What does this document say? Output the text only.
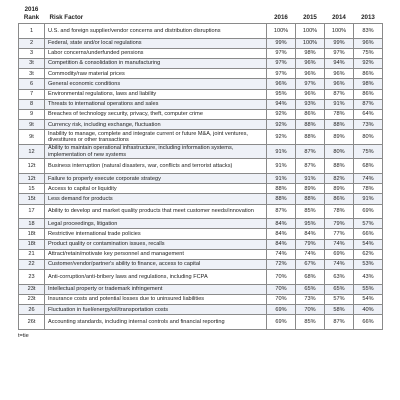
2016 Rank	Risk Factor	2016	2015	2014	2013
1	U.S. and foreign supplier/vendor concerns and distribution disruptions	100%	100%	100%	83%
2	Federal, state and/or local regulations	99%	100%	99%	96%
3	Labor concerns/underfunded pensions	97%	98%	97%	75%
3t	Competition & consolidation in manufacturing	97%	96%	94%	92%
3t	Commodity/raw material prices	97%	96%	96%	86%
6	General economic conditions	96%	97%	96%	98%
7	Environmental regulations, laws and liability	95%	96%	87%	86%
8	Threats to international operations and sales	94%	93%	91%	87%
9	Breaches of technology security, privacy, theft, computer crime	92%	86%	78%	64%
9t	Currency risk, including exchange, fluctuation	92%	88%	88%	73%
9t	Inability to manage, complete and integrate current or future M&A, joint ventures, divestitures or other transactions	92%	88%	89%	80%
12	Ability to maintain operational infrastructure, including information systems, implementation of new systems	91%	87%	80%	75%
12t	Business interruption (natural disasters, war, conflicts and terrorist attacks)	91%	87%	88%	68%
12t	Failure to properly execute corporate strategy	91%	91%	82%	74%
15	Access to capital or liquidity	88%	89%	89%	78%
15t	Less demand for products	88%	88%	86%	91%
17	Ability to develop and market quality products that meet customer needs/innovation	87%	85%	78%	69%
18	Legal proceedings, litigation	84%	95%	79%	57%
18t	Restrictive international trade policies	84%	84%	77%	66%
18t	Product quality or contamination issues, recalls	84%	79%	74%	54%
21	Attract/retain/motivate key personnel and management	74%	74%	69%	62%
22	Customer/vendor/partner's ability to finance, access to capital	72%	67%	74%	53%
23	Anti-corruption/anti-bribery laws and regulations, including FCPA	70%	68%	63%	43%
23t	Intellectual property or trademark infringement	70%	65%	65%	55%
23t	Insurance costs and potential losses due to uninsured liabilities	70%	73%	57%	54%
26	Fluctuation in fuel/energy/oil/transportation costs	69%	70%	58%	40%
26t	Accounting standards, including internal controls and financial reporting	69%	85%	87%	66%
t=tie
